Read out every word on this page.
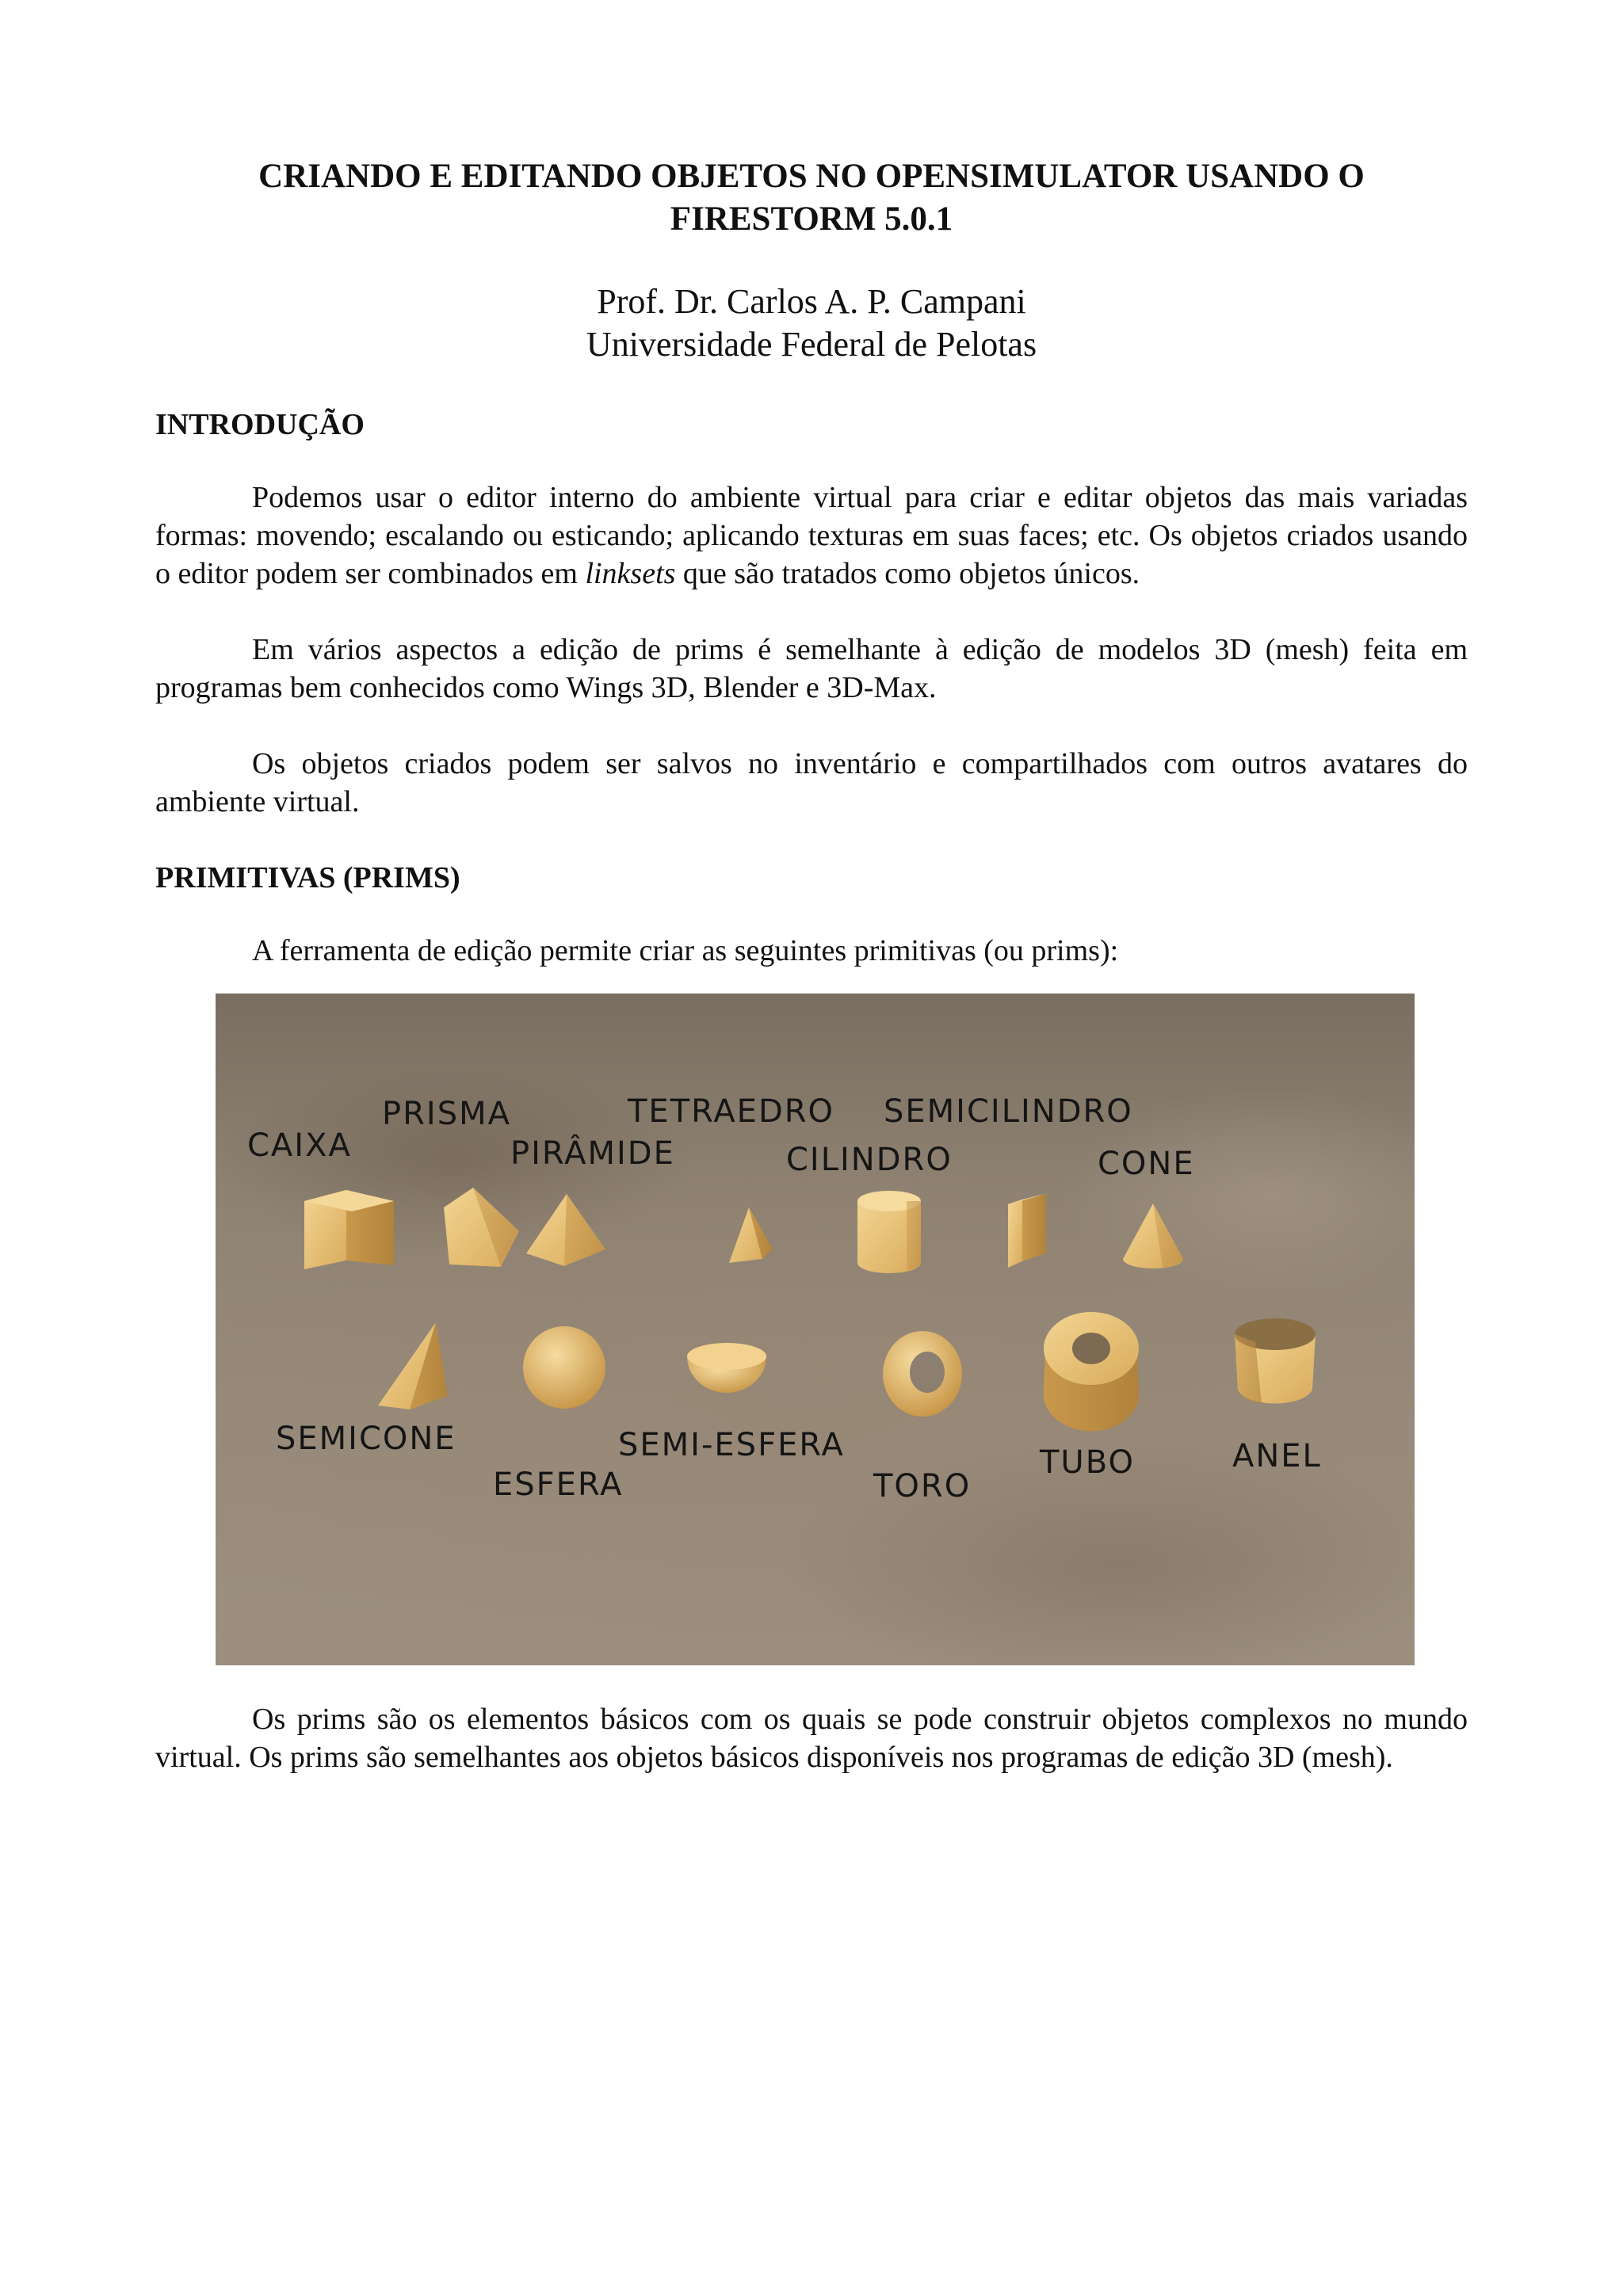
CRIANDO E EDITANDO OBJETOS NO OPENSIMULATOR USANDO O
FIRESTORM 5.0.1

Prof. Dr. Carlos A. P. Campani
Universidade Federal de Pelotas

INTRODUÇÃO

Podemos usar o editor interno do ambiente virtual para criar e editar objetos das mais variadas formas: movendo; escalando ou esticando; aplicando texturas em suas faces; etc. Os objetos criados usando o editor podem ser combinados em linksets que são tratados como objetos únicos.

Em vários aspectos a edição de prims é semelhante à edição de modelos 3D (mesh) feita em programas bem conhecidos como Wings 3D, Blender e 3D-Max.

Os objetos criados podem ser salvos no inventário e compartilhados com outros avatares do ambiente virtual.

PRIMITIVAS (PRIMS)

A ferramenta de edição permite criar as seguintes primitivas (ou prims):

CAIXA
PRISMA
PIRÂMIDE
TETRAEDRO
CILINDRO
SEMICILINDRO
CONE
SEMICONE
ESFERA
SEMI-ESFERA
TORO
TUBO	ANEL

Os prims são os elementos básicos com os quais se pode construir objetos complexos no mundo virtual. Os prims são semelhantes aos objetos básicos disponíveis nos programas de edição 3D (mesh).
